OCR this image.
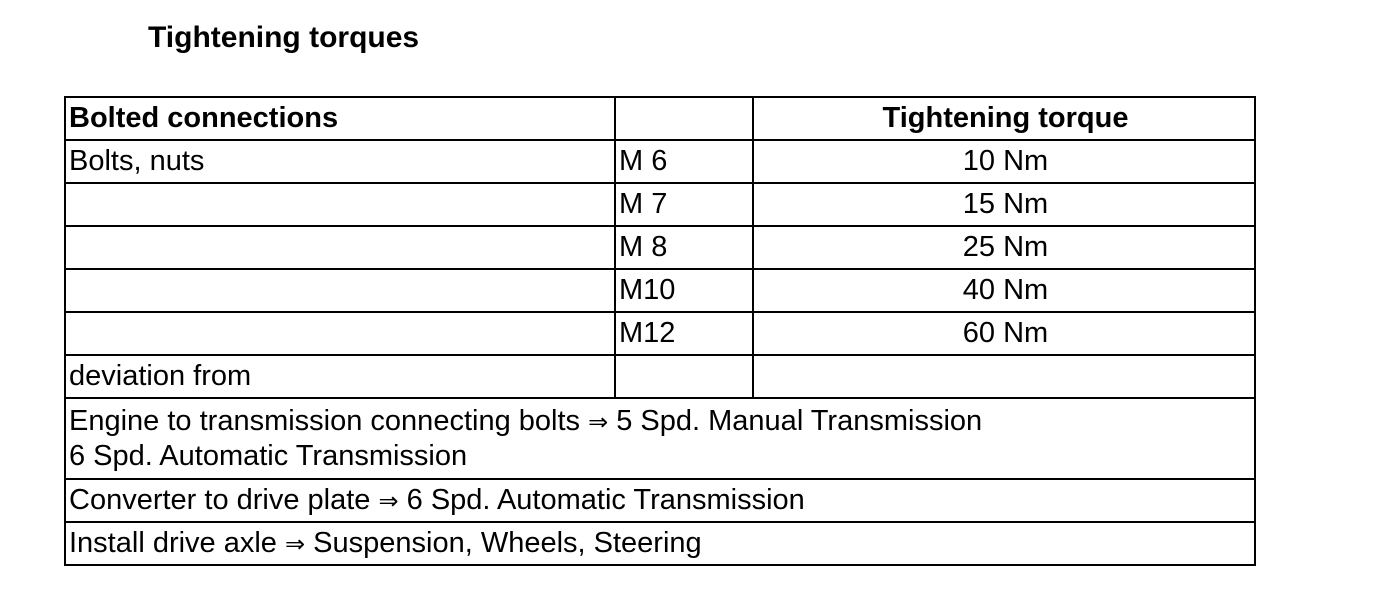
Tightening torques
Bolted connections		Tightening torque
Bolts, nuts	M 6	10 Nm
	M 7	15 Nm
	M 8	25 Nm
	M10	40 Nm
	M12	60 Nm
deviation from		

Engine to transmission connecting bolts ⇒ 5 Spd. Manual Transmission
6 Spd. Automatic Transmission		

Converter to drive plate ⇒ 6 Spd. Automatic Transmission		
Install drive axle ⇒ Suspension, Wheels, Steering		
